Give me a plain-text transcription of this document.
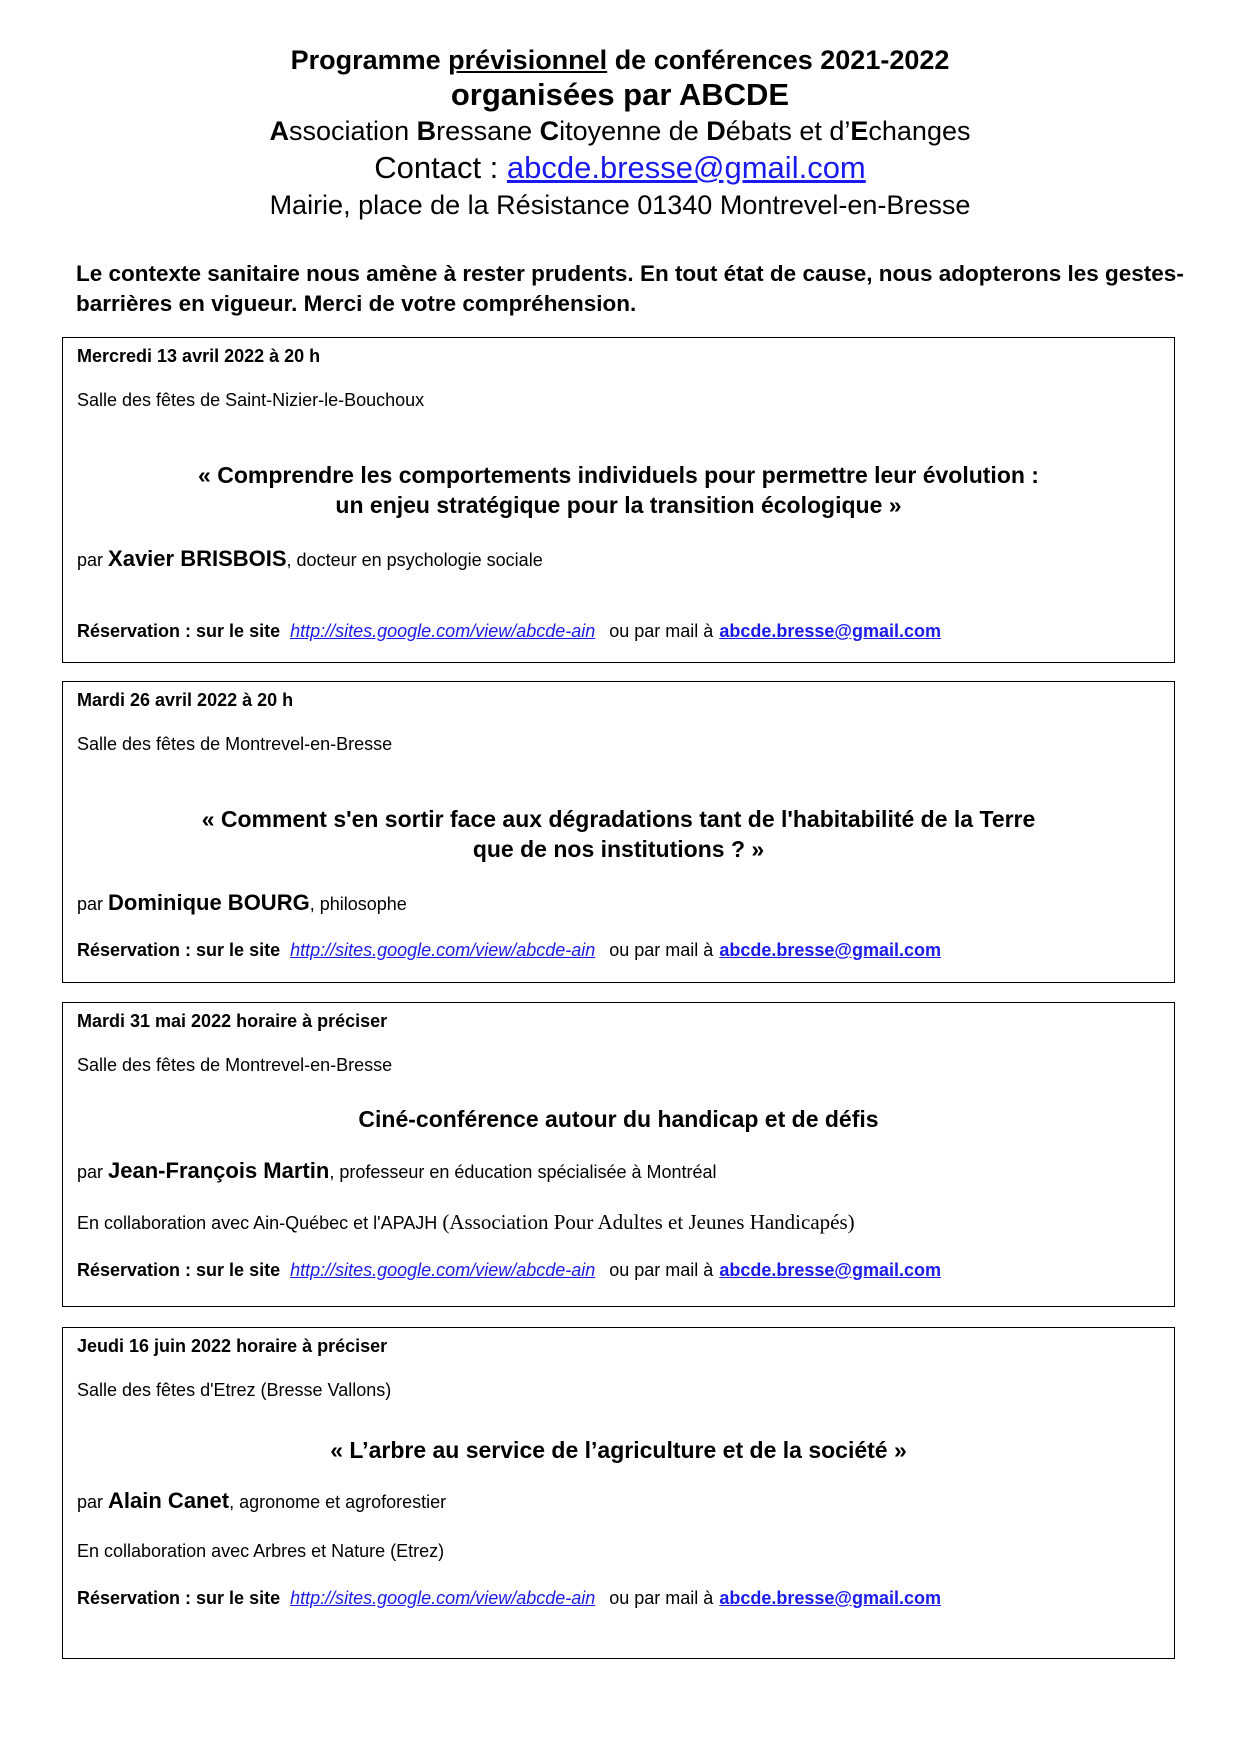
Programme prévisionnel de conférences 2021-2022
organisées par ABCDE
Association Bressane Citoyenne de Débats et d’Echanges
Contact : abcde.bresse@gmail.com
Mairie, place de la Résistance 01340 Montrevel-en-Bresse
Le contexte sanitaire nous amène à rester prudents. En tout état de cause, nous adopterons les gestes-barrières en vigueur. Merci de votre compréhension.
Mercredi 13 avril 2022 à 20 h
Salle des fêtes de Saint-Nizier-le-Bouchoux
« Comprendre les comportements individuels pour permettre leur évolution :
un enjeu stratégique pour la transition écologique »
par Xavier BRISBOIS, docteur en psychologie sociale
Réservation : sur le site http://sites.google.com/view/abcde-ain ou par mail à abcde.bresse@gmail.com
Mardi 26 avril 2022 à 20 h
Salle des fêtes de Montrevel-en-Bresse
« Comment s'en sortir face aux dégradations tant de l'habitabilité de la Terre
que de nos institutions ? »
par Dominique BOURG, philosophe
Réservation : sur le site http://sites.google.com/view/abcde-ain ou par mail à abcde.bresse@gmail.com
Mardi 31 mai 2022 horaire à préciser
Salle des fêtes de Montrevel-en-Bresse
Ciné-conférence autour du handicap et de défis
par Jean-François Martin, professeur en éducation spécialisée à Montréal
En collaboration avec Ain-Québec et l'APAJH (Association Pour Adultes et Jeunes Handicapés)
Réservation : sur le site http://sites.google.com/view/abcde-ain ou par mail à abcde.bresse@gmail.com
Jeudi 16 juin 2022 horaire à préciser
Salle des fêtes d'Etrez (Bresse Vallons)
« L’arbre au service de l’agriculture et de la société »
par Alain Canet, agronome et agroforestier
En collaboration avec Arbres et Nature (Etrez)
Réservation : sur le site http://sites.google.com/view/abcde-ain ou par mail à abcde.bresse@gmail.com
